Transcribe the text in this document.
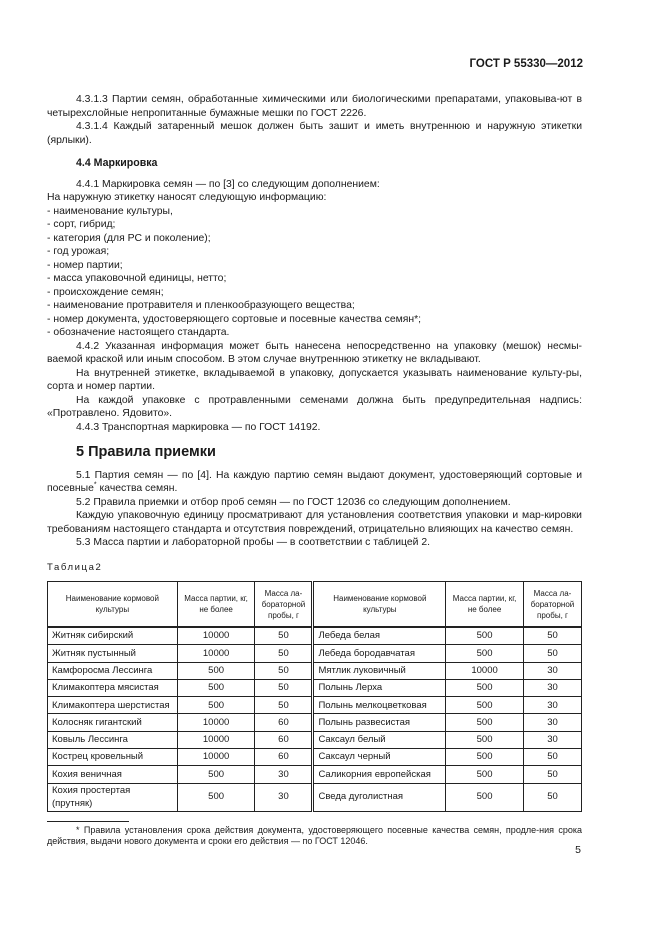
ГОСТ Р 55330—2012

4.3.1.3 Партии семян, обработанные химическими или биологическими препаратами, упаковыва-ют в четырехслойные непропитанные бумажные мешки по ГОСТ 2226.

4.3.1.4 Каждый затаренный мешок должен быть зашит и иметь внутреннюю и наружную этикетки (ярлыки).

4.4 Маркировка

4.4.1 Маркировка семян — по [3] со следующим дополнением:

На наружную этикетку наносят следующую информацию:

- наименование культуры,

- сорт, гибрид;

- категория (для РС и поколение);

- год урожая;

- номер партии;

- масса упаковочной единицы, нетто;

- происхождение семян;

- наименование протравителя и пленкообразующего вещества;

- номер документа, удостоверяющего сортовые и посевные качества семян*;

- обозначение настоящего стандарта.

4.4.2 Указанная информация может быть нанесена непосредственно на упаковку (мешок) несмы-ваемой краской или иным способом. В этом случае внутреннюю этикетку не вкладывают.

На внутренней этикетке, вкладываемой в упаковку, допускается указывать наименование культу-ры, сорта и номер партии.

На каждой упаковке с протравленными семенами должна быть предупредительная надпись: «Протравлено. Ядовито».

4.4.3 Транспортная маркировка — по ГОСТ 14192.

5 Правила приемки

5.1 Партия семян — по [4]. На каждую партию семян выдают документ, удостоверяющий сортовые и посевные* качества семян.

5.2 Правила приемки и отбор проб семян — по ГОСТ 12036 со следующим дополнением.

Каждую упаковочную единицу просматривают для установления соответствия упаковки и мар-кировки требованиям настоящего стандарта и отсутствия повреждений, отрицательно влияющих на качество семян.

5.3 Масса партии и лабораторной пробы — в соответствии с таблицей 2.

Таблица2

Наименование кормовой культуры	Масса партии, кг, не более	Масса ла-бораторной пробы, г	Наименование кормовой культуры	Масса партии, кг, не более	Масса ла-бораторной пробы, г
Житняк сибирский	10000	50	Лебеда белая	500	50
Житняк пустынный	10000	50	Лебеда бородавчатая	500	50
Камфоросма Лессинга	500	50	Мятлик луковичный	10000	30
Климакоптера мясистая	500	50	Полынь Лерха	500	30
Климакоптера шерстистая	500	50	Полынь мелкоцветковая	500	30
Колосняк гигантский	10000	60	Полынь развесистая	500	30
Ковыль Лессинга	10000	60	Саксаул белый	500	30
Кострец кровельный	10000	60	Саксаул черный	500	50
Кохия веничная	500	30	Саликорния европейская	500	50
Кохия простертая (прутняк)	500	30	Сведа дуголистная	500	50

* Правила установления срока действия документа, удостоверяющего посевные качества семян, продле-ния срока действия, выдачи нового документа и сроки его действия — по ГОСТ 12046.

5
